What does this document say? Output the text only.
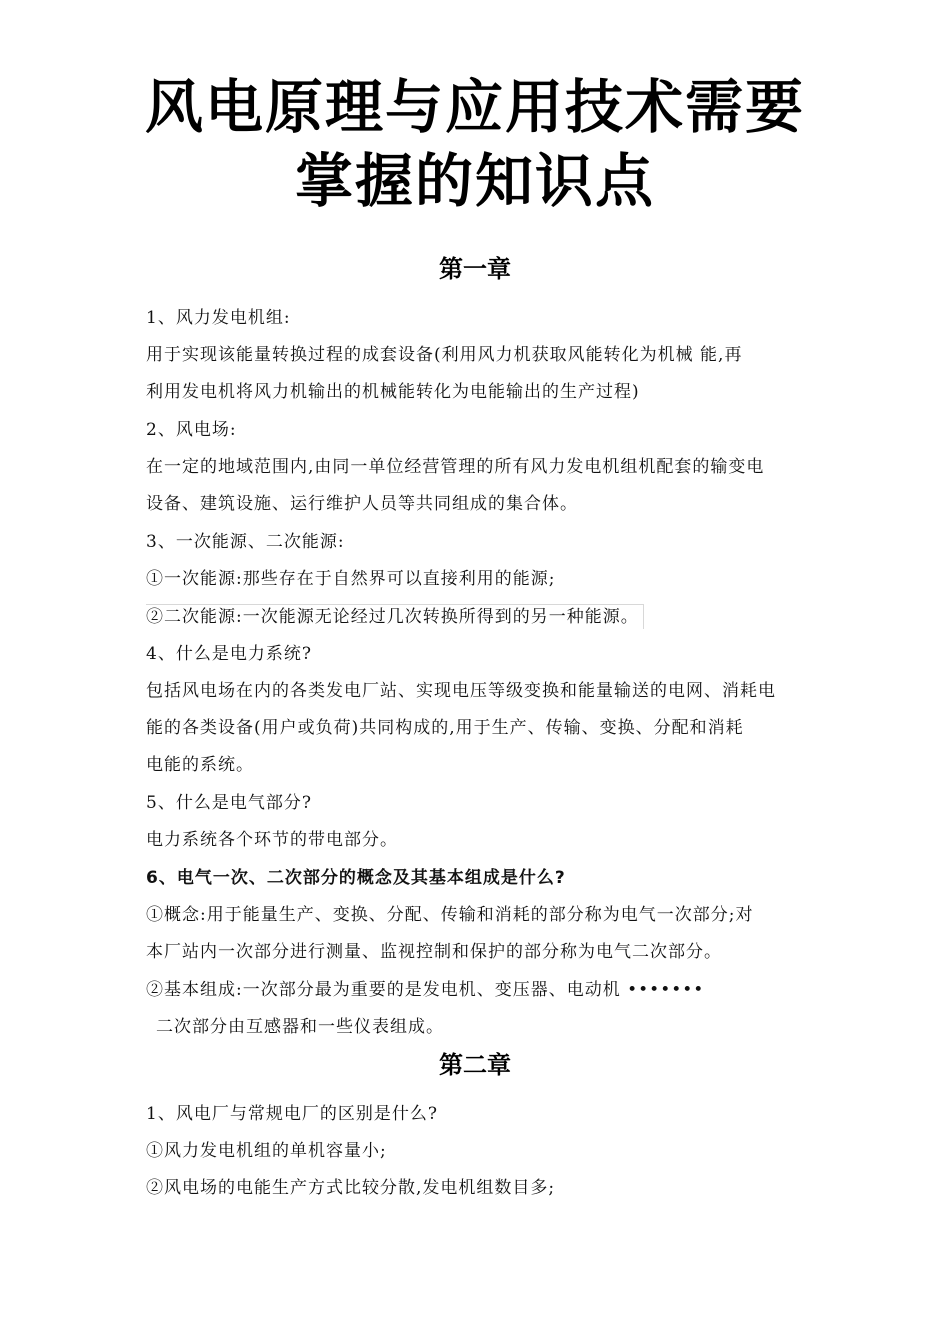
风电原理与应用技术需要
掌握的知识点
第一章
1、风力发电机组:
用于实现该能量转换过程的成套设备(利用风力机获取风能转化为机械 能,再
利用发电机将风力机输出的机械能转化为电能输出的生产过程)
2、风电场:
在一定的地域范围内,由同一单位经营管理的所有风力发电机组机配套的输变电
设备、建筑设施、运行维护人员等共同组成的集合体。
3、一次能源、二次能源:
①一次能源:那些存在于自然界可以直接利用的能源;
②二次能源:一次能源无论经过几次转换所得到的另一种能源。
4、什么是电力系统?
包括风电场在内的各类发电厂站、实现电压等级变换和能量输送的电网、消耗电
能的各类设备(用户或负荷)共同构成的,用于生产、传输、变换、分配和消耗
电能的系统。
5、什么是电气部分?
电力系统各个环节的带电部分。
6、电气一次、二次部分的概念及其基本组成是什么?
①概念:用于能量生产、变换、分配、传输和消耗的部分称为电气一次部分;对
本厂站内一次部分进行测量、监视控制和保护的部分称为电气二次部分。
②基本组成:一次部分最为重要的是发电机、变压器、电动机 •••••••
二次部分由互感器和一些仪表组成。
第二章
1、风电厂与常规电厂的区别是什么?
①风力发电机组的单机容量小;
②风电场的电能生产方式比较分散,发电机组数目多;
